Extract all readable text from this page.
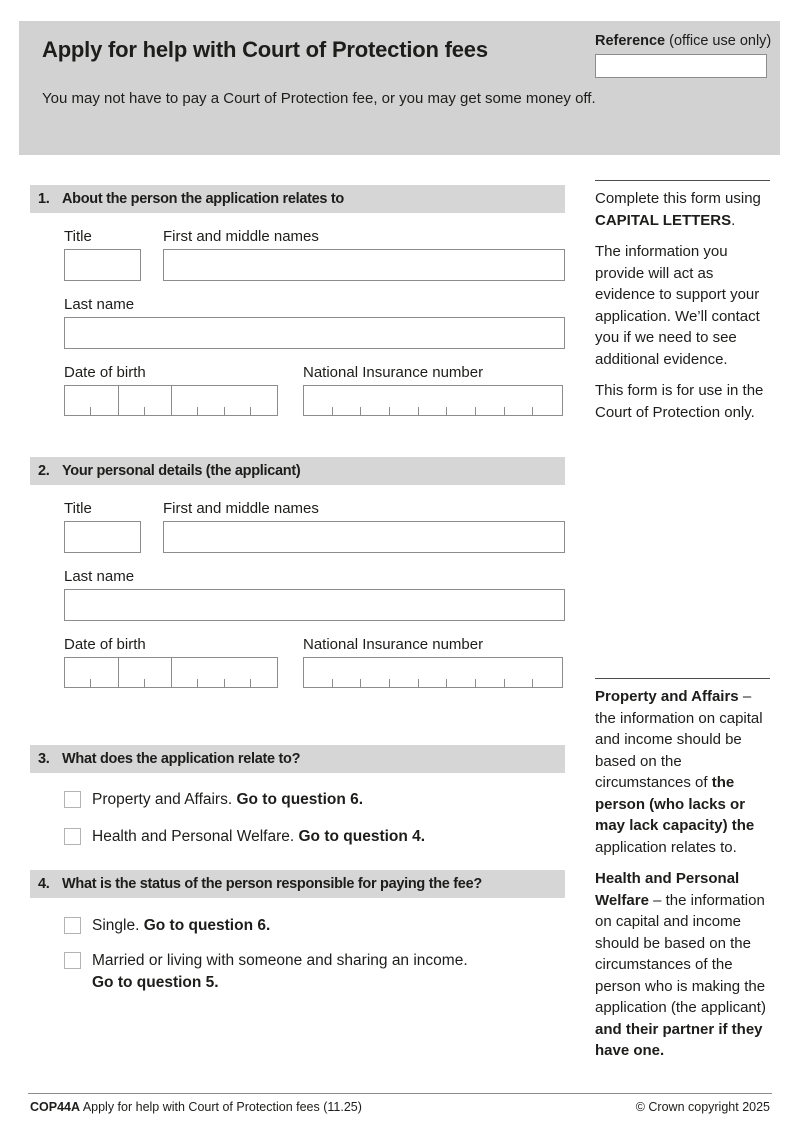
Apply for help with Court of Protection fees

You may not have to pay a Court of Protection fee, or you may get some money off.

Reference (office use only)
1. About the person the application relates to
Title	First and middle names
Last name
Date of birth	National Insurance number
2. Your personal details (the applicant)
Title	First and middle names
Last name
Date of birth	National Insurance number
3. What does the application relate to?
Property and Affairs. Go to question 6.
Health and Personal Welfare. Go to question 4.
4. What is the status of the person responsible for paying the fee?
Single. Go to question 6.
Married or living with someone and sharing an income.
Go to question 5.

Complete this form using CAPITAL LETTERS.

The information you provide will act as evidence to support your application. We’ll contact you if we need to see additional evidence.

This form is for use in the Court of Protection only.

Property and Affairs – the information on capital and income should be based on the circumstances of the person (who lacks or may lack capacity) the application relates to.

Health and Personal Welfare – the information on capital and income should be based on the circumstances of the person who is making the application (the applicant) and their partner if they have one.

COP44A Apply for help with Court of Protection fees (11.25)	© Crown copyright 2025
